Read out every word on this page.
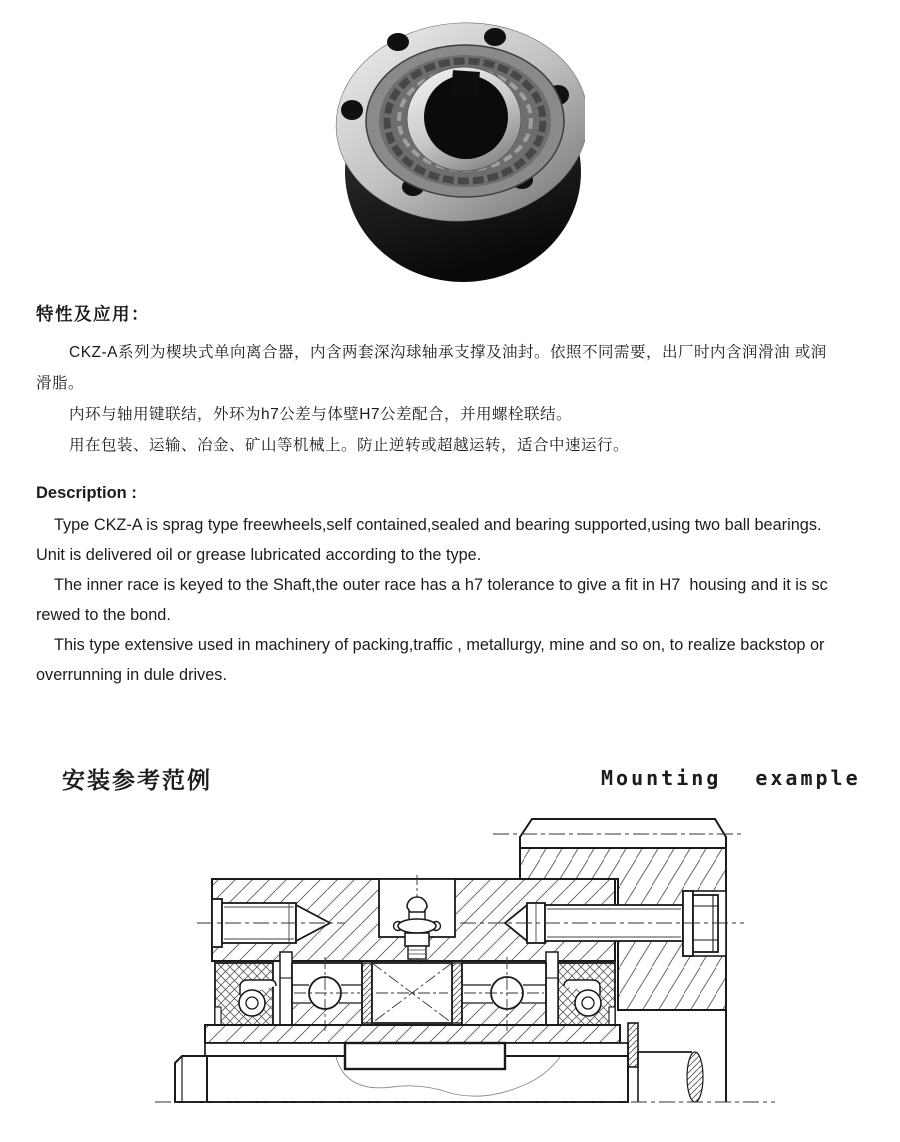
特性及应用：
CKZ-A系列为楔块式单向离合器，内含两套深沟球轴承支撑及油封。依照不同需要，出厂时内含润滑油 或润
滑脂。
内环与轴用键联结，外环为h7公差与体壁H7公差配合，并用螺栓联结。
用在包装、运输、冶金、矿山等机械上。防止逆转或超越运转，适合中速运行。
Description :
Type CKZ-A is sprag type freewheels,self contained,sealed and bearing supported,using two ball bearings.
Unit is delivered oil or grease lubricated according to the type.
The inner race is keyed to the Shaft,the outer race has a h7 tolerance to give a fit in H7  housing and it is sc
rewed to the bond.
This type extensive used in machinery of packing,traffic , metallurgy, mine and so on, to realize backstop or
overrunning in dule drives.
安装参考范例	Mounting example
